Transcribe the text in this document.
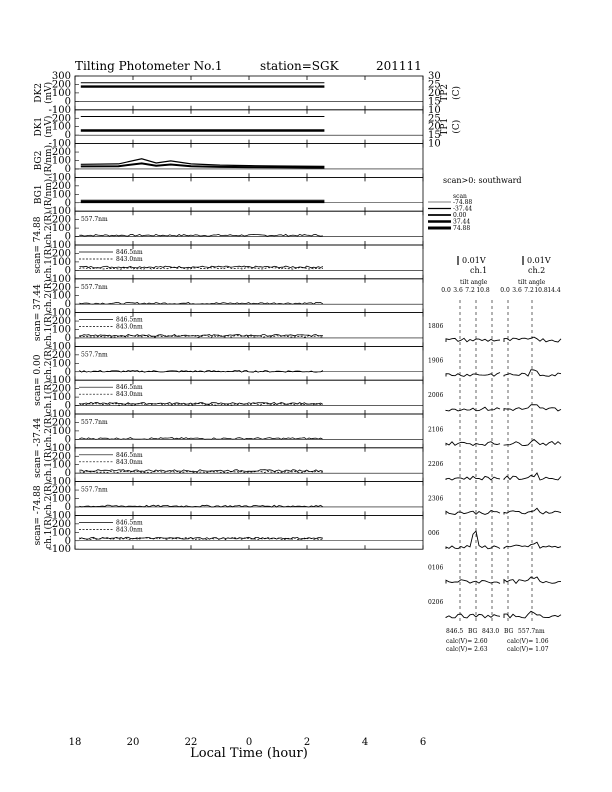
Tilting Photometer No.1	station=SGK	201111
300
200
100
0
-100
DK2 (mV)
200
100
0
-100
DK1 (mV)
200
100
0
-100
BG2 (R/nm)
200
100
0
-100
BG1 (R/nm)
200
100
0
-100
ch.2(R)
scan= 74.88	557.7nm
200
100
0
-100
ch.1(R)	846.5nm
843.0nm
200
100
0
-100
ch.2(R)
scan= 37.44	557.7nm
200
100
0
-100
ch.1(R)	846.5nm
843.0nm
200
100
0
-100
ch.2(R)
scan= 0.00	557.7nm
200
100
0
-100
ch.1(R)	846.5nm
843.0nm
200
100
0
-100
ch.2(R)
scan= -37.44	557.7nm
200
100
0
-100
ch.1(R)	846.5nm
843.0nm
200
100
0
-100
ch.2(R)
scan= -74.88	557.7nm
200
100
0
-100
ch.1(R)	846.5nm
843.0nm
30
25
20
15
10
TP2 (C)
25
20
15
10
TP1 (C)
-74.88
-37.44
0.00
37.44
74.88
0.0 3.6 7.2 10.8 0.0 3.6 7.2 10.8 14.4
1806
1906
2006
2106
2206
2306
006
0106
0206
18	20	22	0	2	4	6
Local Time (hour)
scan>0: southward
scan
0.01V	0.01V
ch.1	ch.2
tilt angle	tilt angle
846.5 BG 843.0 BG 557.7nm
calc(V)= 2.60
calc(V)= 2.63
calc(V)= 1.06
calc(V)= 1.07
